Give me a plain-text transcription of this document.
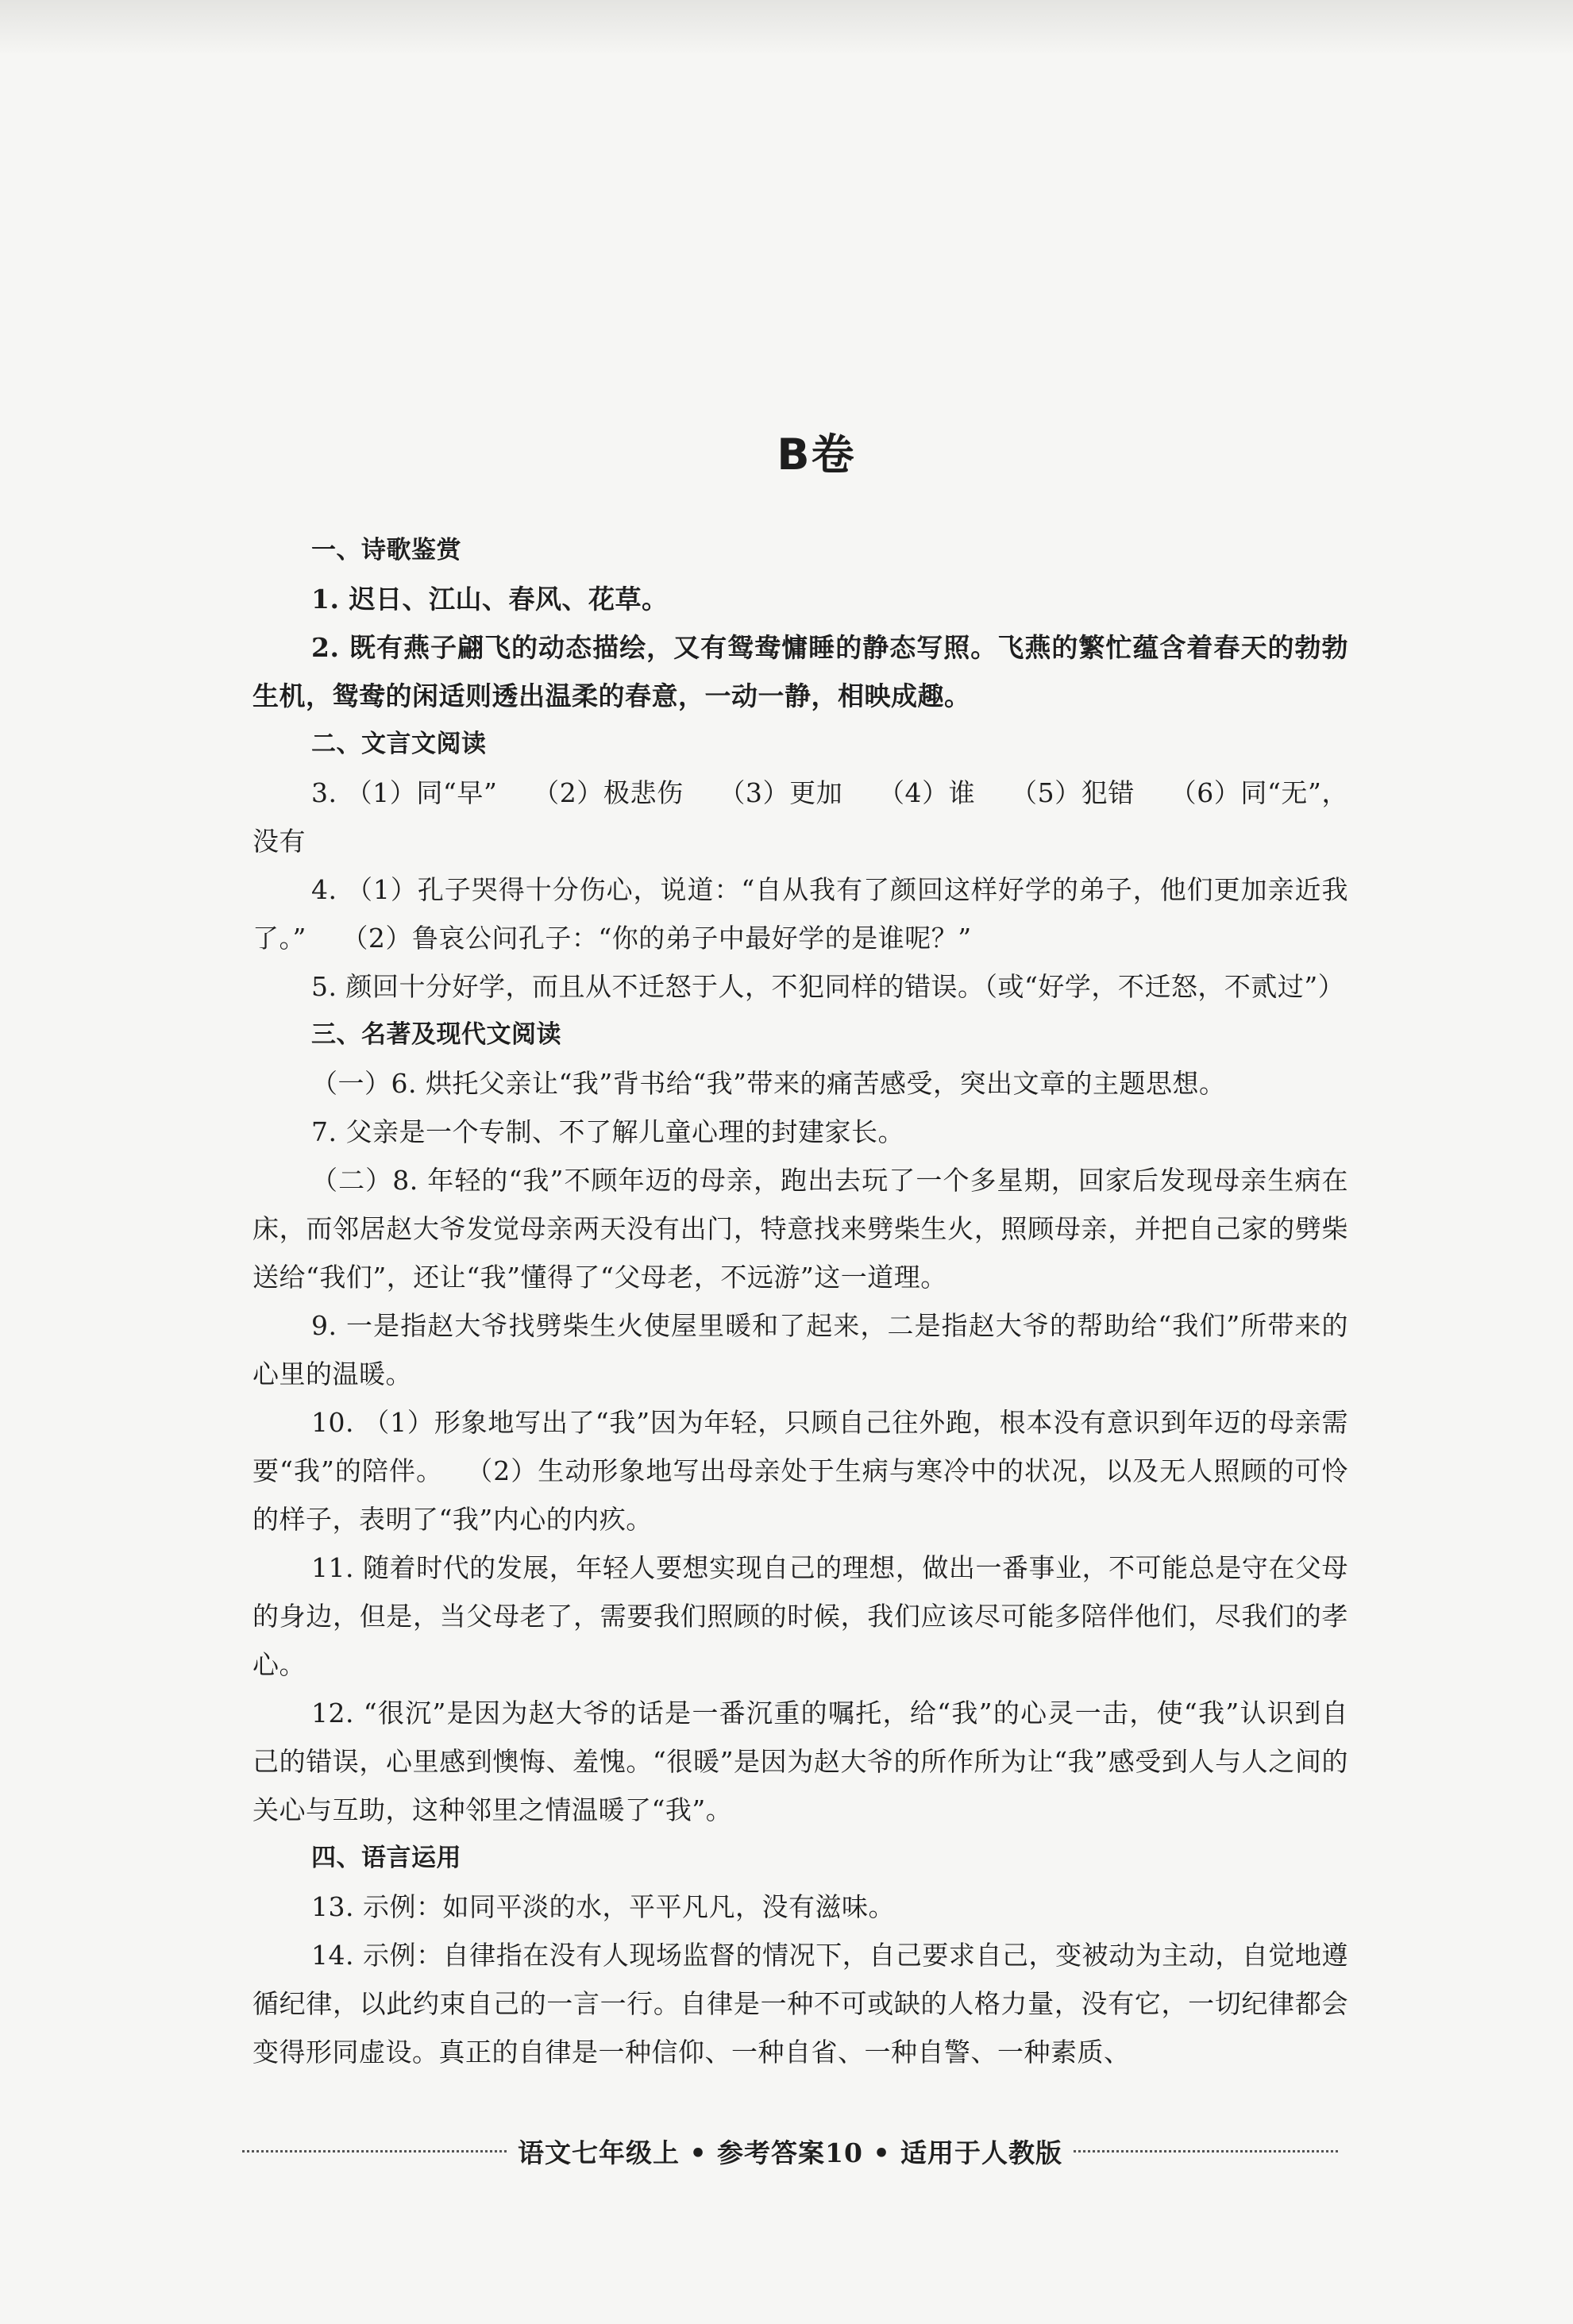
B卷

一、诗歌鉴赏

1. 迟日、江山、春风、花草。

2. 既有燕子翩飞的动态描绘，又有鸳鸯慵睡的静态写照。飞燕的繁忙蕴含着春天的勃勃生机，鸳鸯的闲适则透出温柔的春意，一动一静，相映成趣。

二、文言文阅读

3. （1）同“早”　 （2）极悲伤　 （3）更加　 （4）谁　 （5）犯错　 （6）同“无”，没有

4. （1）孔子哭得十分伤心，说道：“自从我有了颜回这样好学的弟子，他们更加亲近我了。”　 （2）鲁哀公问孔子：“你的弟子中最好学的是谁呢？”

5. 颜回十分好学，而且从不迁怒于人，不犯同样的错误。（或“好学，不迁怒，不贰过”）

三、名著及现代文阅读

（一）6. 烘托父亲让“我”背书给“我”带来的痛苦感受，突出文章的主题思想。

7. 父亲是一个专制、不了解儿童心理的封建家长。

（二）8. 年轻的“我”不顾年迈的母亲，跑出去玩了一个多星期，回家后发现母亲生病在床，而邻居赵大爷发觉母亲两天没有出门，特意找来劈柴生火，照顾母亲，并把自己家的劈柴送给“我们”，还让“我”懂得了“父母老，不远游”这一道理。

9. 一是指赵大爷找劈柴生火使屋里暖和了起来，二是指赵大爷的帮助给“我们”所带来的心里的温暖。

10. （1）形象地写出了“我”因为年轻，只顾自己往外跑，根本没有意识到年迈的母亲需要“我”的陪伴。　 （2）生动形象地写出母亲处于生病与寒冷中的状况，以及无人照顾的可怜的样子，表明了“我”内心的内疚。

11. 随着时代的发展，年轻人要想实现自己的理想，做出一番事业，不可能总是守在父母的身边，但是，当父母老了，需要我们照顾的时候，我们应该尽可能多陪伴他们，尽我们的孝心。

12. “很沉”是因为赵大爷的话是一番沉重的嘱托，给“我”的心灵一击，使“我”认识到自己的错误，心里感到懊悔、羞愧。“很暖”是因为赵大爷的所作所为让“我”感受到人与人之间的关心与互助，这种邻里之情温暖了“我”。

四、语言运用

13. 示例：如同平淡的水，平平凡凡，没有滋味。

14. 示例：自律指在没有人现场监督的情况下，自己要求自己，变被动为主动，自觉地遵循纪律，以此约束自己的一言一行。自律是一种不可或缺的人格力量，没有它，一切纪律都会变得形同虚设。真正的自律是一种信仰、一种自省、一种自警、一种素质、

语文七年级上 • 参考答案10 • 适用于人教版
